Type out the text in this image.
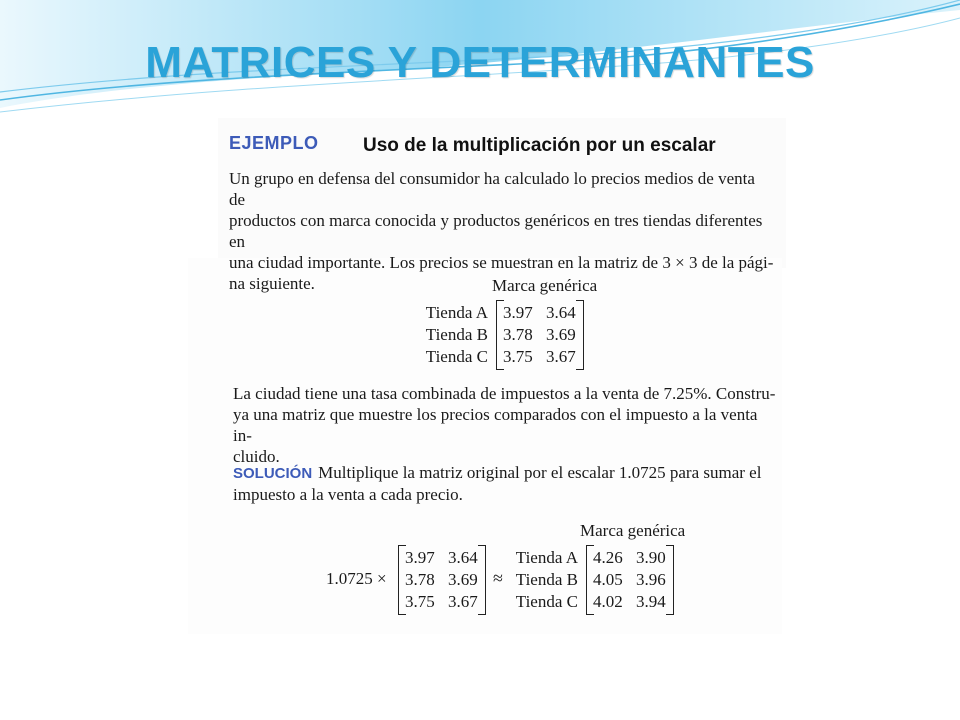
MATRICES Y DETERMINANTES
EJEMPLO Uso de la multiplicación por un escalar
Un grupo en defensa del consumidor ha calculado lo precios medios de venta de
productos con marca conocida y productos genéricos en tres tiendas diferentes en
una ciudad importante. Los precios se muestran en la matriz de 3 × 3 de la pági-
na siguiente.	Marca genérica
Tienda A
Tienda B
Tienda C
3.97 3.64
3.78 3.69
3.75 3.67
La ciudad tiene una tasa combinada de impuestos a la venta de 7.25%. Constru-
ya una matriz que muestre los precios comparados con el impuesto a la venta in-
cluido.
SOLUCIÓN Multiplique la matriz original por el escalar 1.0725 para sumar el
impuesto a la venta a cada precio.
Marca genérica
1.0725 ×
3.97 3.64
3.78 3.69
3.75 3.67
≈
Tienda A
Tienda B
Tienda C
4.26 3.90
4.05 3.96
4.02 3.94
